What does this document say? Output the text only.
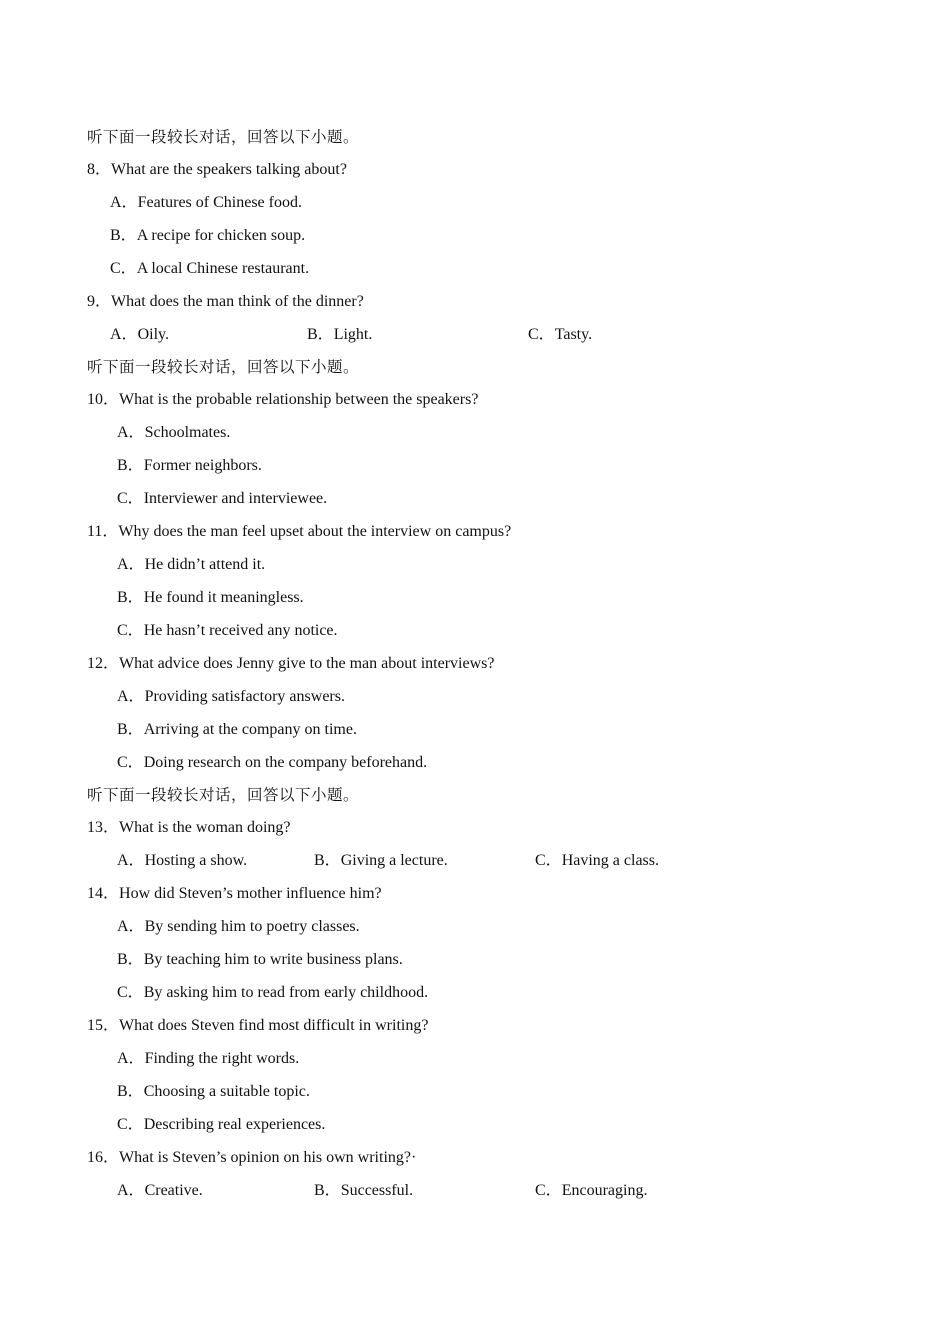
听下面一段较长对话，回答以下小题。
8．What are the speakers talking about?
A．Features of Chinese food.
B．A recipe for chicken soup.
C．A local Chinese restaurant.
9．What does the man think of the dinner?
A．Oily.	B．Light.	C．Tasty.
听下面一段较长对话，回答以下小题。
10．What is the probable relationship between the speakers?
A．Schoolmates.
B．Former neighbors.
C．Interviewer and interviewee.
11．Why does the man feel upset about the interview on campus?
A．He didn’t attend it.
B．He found it meaningless.
C．He hasn’t received any notice.
12．What advice does Jenny give to the man about interviews?
A．Providing satisfactory answers.
B．Arriving at the company on time.
C．Doing research on the company beforehand.
听下面一段较长对话，回答以下小题。
13．What is the woman doing?
A．Hosting a show.	B．Giving a lecture.	C．Having a class.
14．How did Steven’s mother influence him?
A．By sending him to poetry classes.
B．By teaching him to write business plans.
C．By asking him to read from early childhood.
15．What does Steven find most difficult in writing?
A．Finding the right words.
B．Choosing a suitable topic.
C．Describing real experiences.
16．What is Steven’s opinion on his own writing?·
A．Creative.	B．Successful.	C．Encouraging.
